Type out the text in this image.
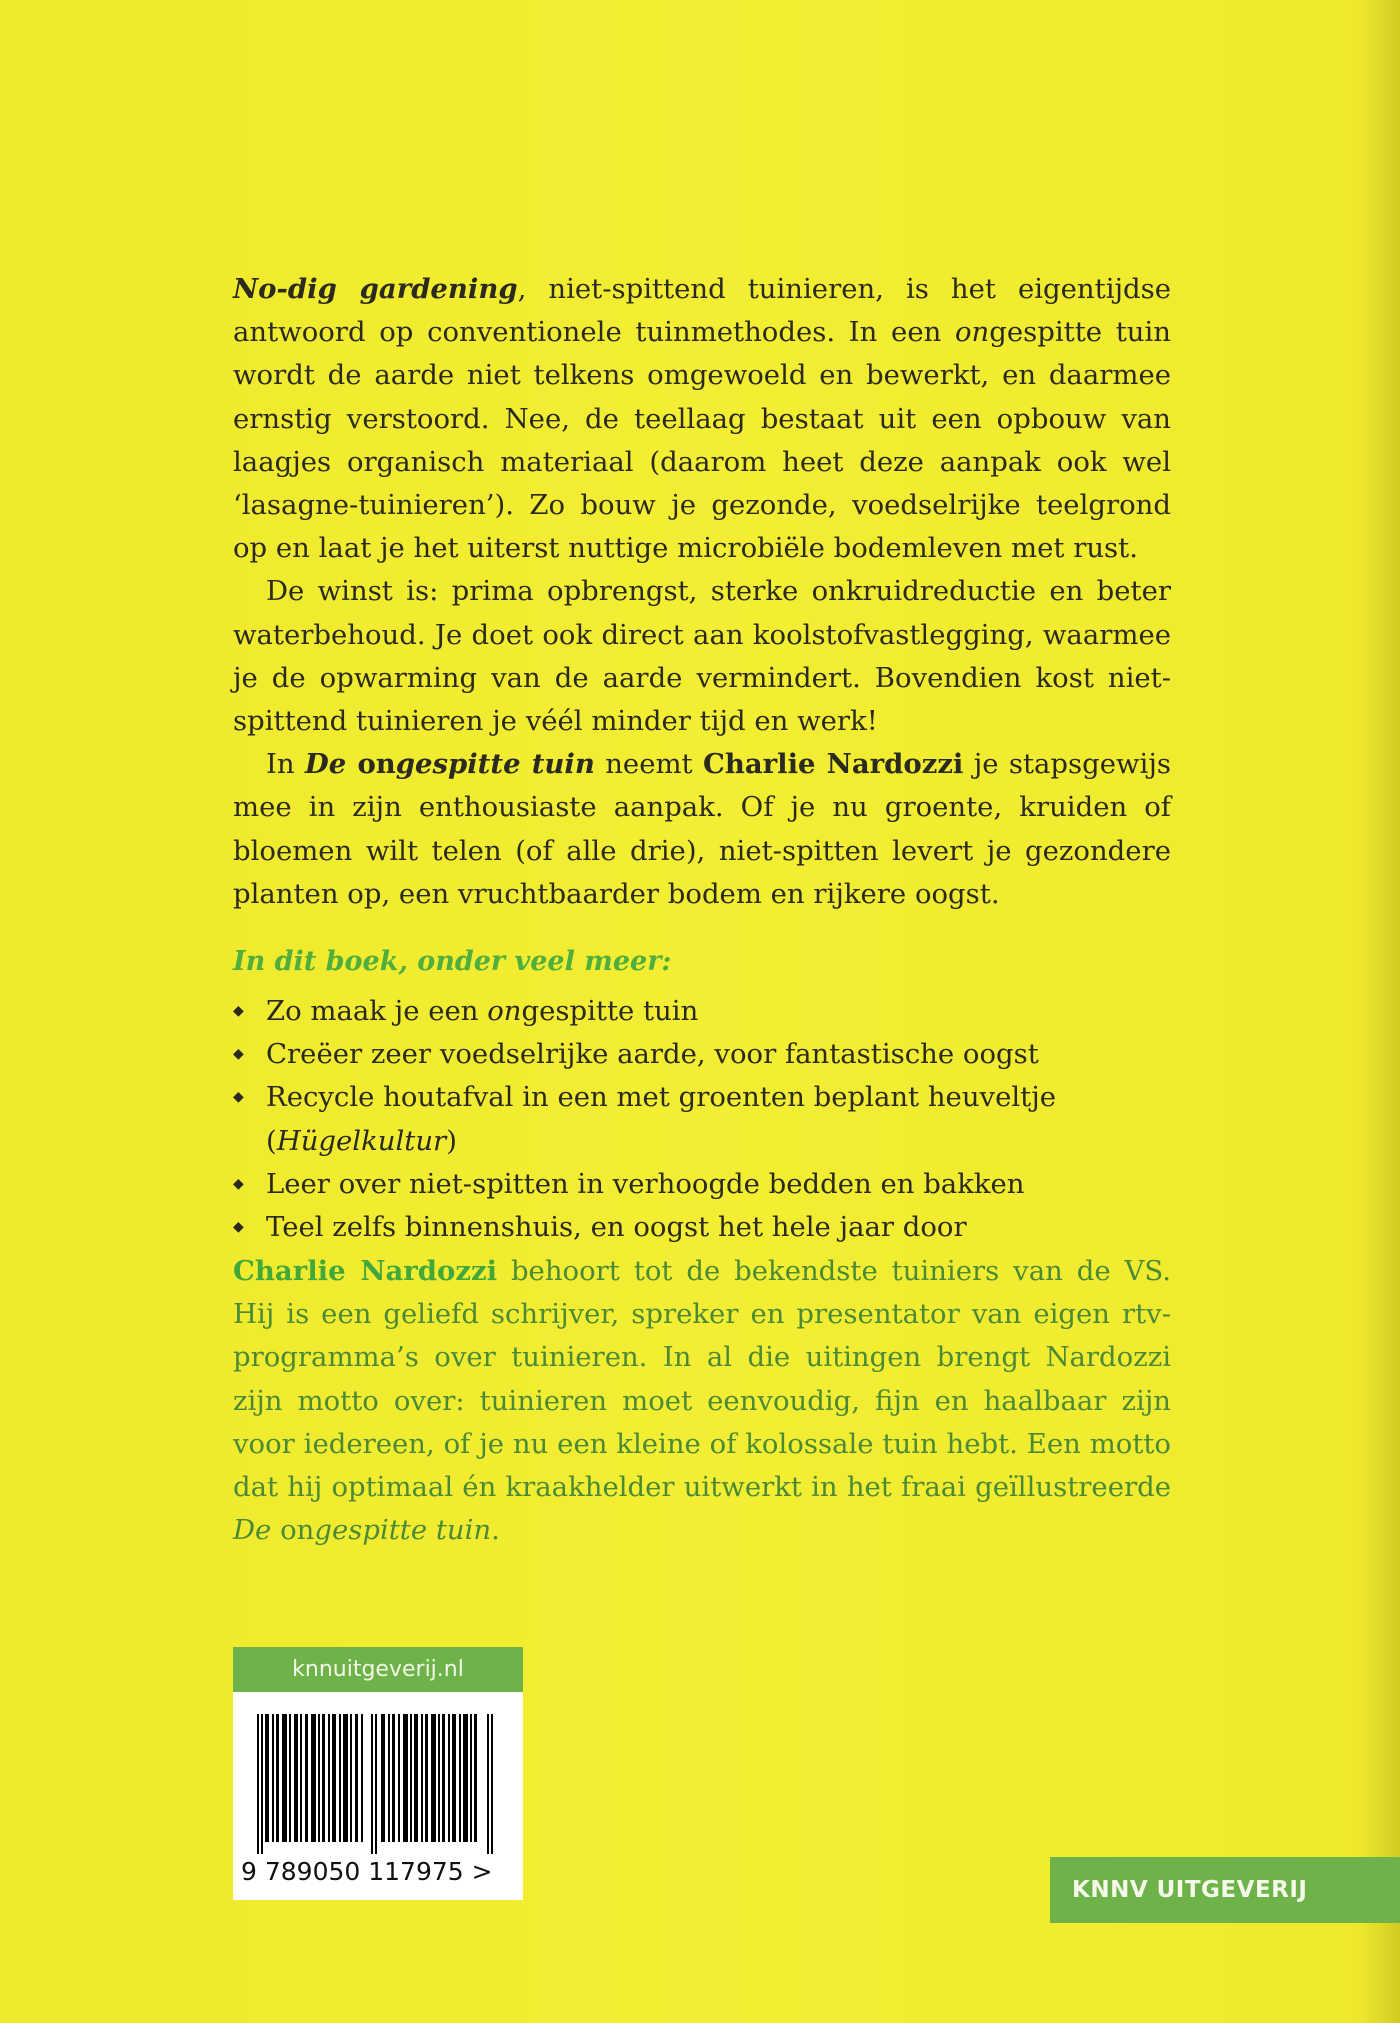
No-dig gardening, niet-spittend tuinieren, is het eigentijdse antwoord op conventionele tuinmethodes. In een ongespitte tuin wordt de aarde niet telkens omgewoeld en bewerkt, en daarmee ernstig verstoord. Nee, de teellaag bestaat uit een opbouw van laagjes organisch materiaal (daarom heet deze aanpak ook wel ‘lasagne-tuinieren’). Zo bouw je gezonde, voedselrijke teelgrond op en laat je het uiterst nuttige microbiële bodemleven met rust.

De winst is: prima opbrengst, sterke onkruidreductie en beter waterbehoud. Je doet ook direct aan koolstofvastlegging, waarmee je de opwarming van de aarde vermindert. Bovendien kost niet-spittend tuinieren je véél minder tijd en werk!

In De ongespitte tuin neemt Charlie Nardozzi je stapsgewijs mee in zijn enthousiaste aanpak. Of je nu groente, kruiden of bloemen wilt telen (of alle drie), niet-spitten levert je gezondere planten op, een vruchtbaarder bodem en rijkere oogst.

In dit boek, onder veel meer:
◆ Zo maak je een ongespitte tuin
◆ Creëer zeer voedselrijke aarde, voor fantastische oogst
◆ Recycle houtafval in een met groenten beplant heuveltje (Hügelkultur)
◆ Leer over niet-spitten in verhoogde bedden en bakken
◆ Teel zelfs binnenshuis, en oogst het hele jaar door
Charlie Nardozzi behoort tot de bekendste tuiniers van de VS. Hij is een geliefd schrijver, spreker en presentator van eigen rtv-programma’s over tuinieren. In al die uitingen brengt Nardozzi zijn motto over: tuinieren moet eenvoudig, fijn en haalbaar zijn voor iedereen, of je nu een kleine of kolossale tuin hebt. Een motto dat hij optimaal én kraakhelder uitwerkt in het fraai geïllustreerde De ongespitte tuin.
knnuitgeverij.nl
9 789050 117975 >
KNNV UITGEVERIJ
